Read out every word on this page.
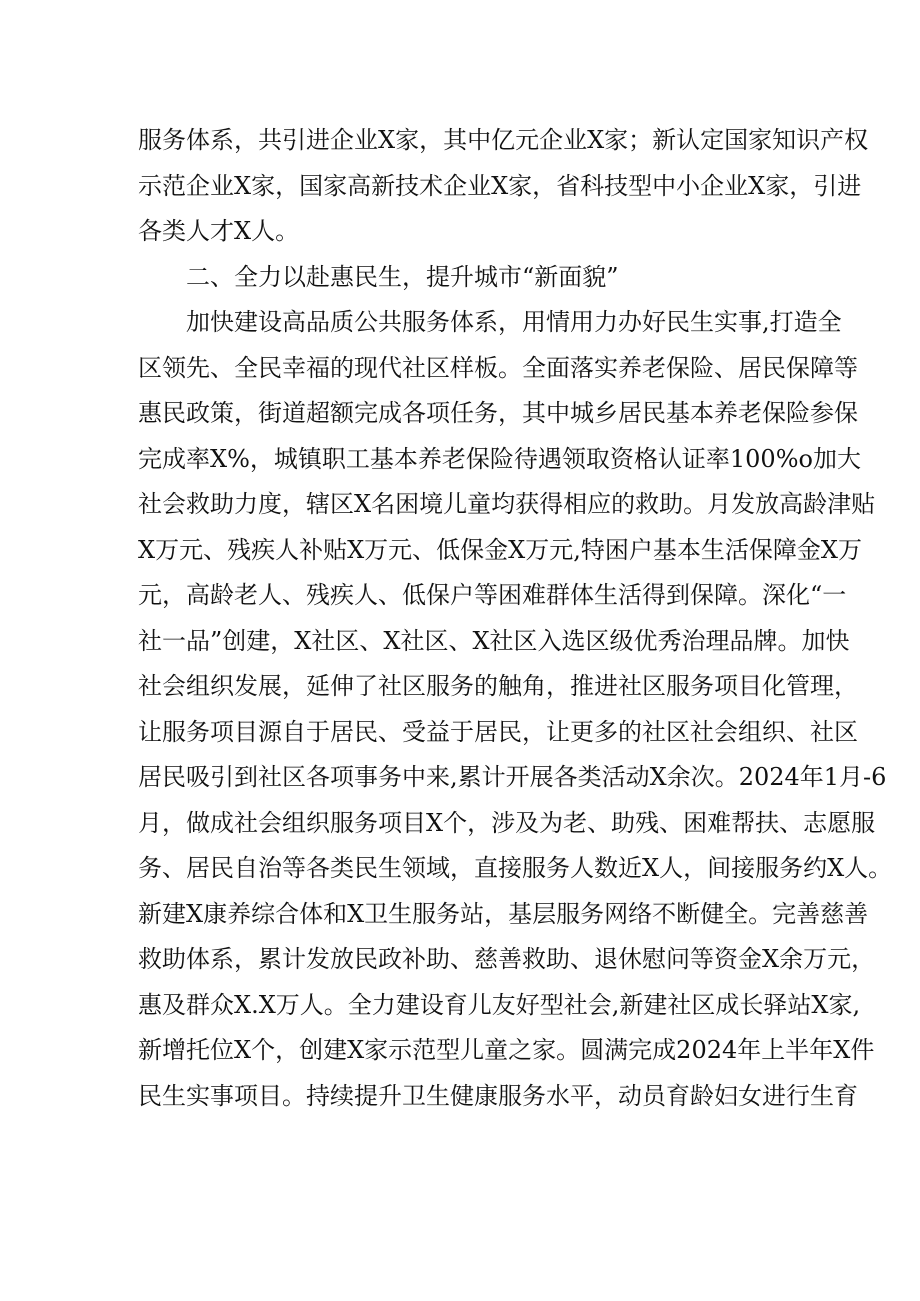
服务体系，共引进企业X家，其中亿元企业X家；新认定国家知识产权
示范企业X家，国家高新技术企业X家，省科技型中小企业X家，引进
各类人才X人。
二、全力以赴惠民生，提升城市“新面貌”
加快建设高品质公共服务体系，用情用力办好民生实事,打造全
区领先、全民幸福的现代社区样板。全面落实养老保险、居民保障等
惠民政策，街道超额完成各项任务，其中城乡居民基本养老保险参保
完成率X%，城镇职工基本养老保险待遇领取资格认证率100%o加大
社会救助力度，辖区X名困境儿童均获得相应的救助。月发放高龄津贴
X万元、残疾人补贴X万元、低保金X万元,特困户基本生活保障金X万
元，高龄老人、残疾人、低保户等困难群体生活得到保障。深化“一
社一品”创建，X社区、X社区、X社区入选区级优秀治理品牌。加快
社会组织发展，延伸了社区服务的触角，推进社区服务项目化管理，
让服务项目源自于居民、受益于居民，让更多的社区社会组织、社区
居民吸引到社区各项事务中来,累计开展各类活动X余次。2024年1月-6
月，做成社会组织服务项目X个，涉及为老、助残、困难帮扶、志愿服
务、居民自治等各类民生领域，直接服务人数近X人，间接服务约X人。
新建X康养综合体和X卫生服务站，基层服务网络不断健全。完善慈善
救助体系，累计发放民政补助、慈善救助、退休慰问等资金X余万元，
惠及群众X.X万人。全力建设育儿友好型社会,新建社区成长驿站X家,
新增托位X个，创建X家示范型儿童之家。圆满完成2024年上半年X件
民生实事项目。持续提升卫生健康服务水平，动员育龄妇女进行生育
